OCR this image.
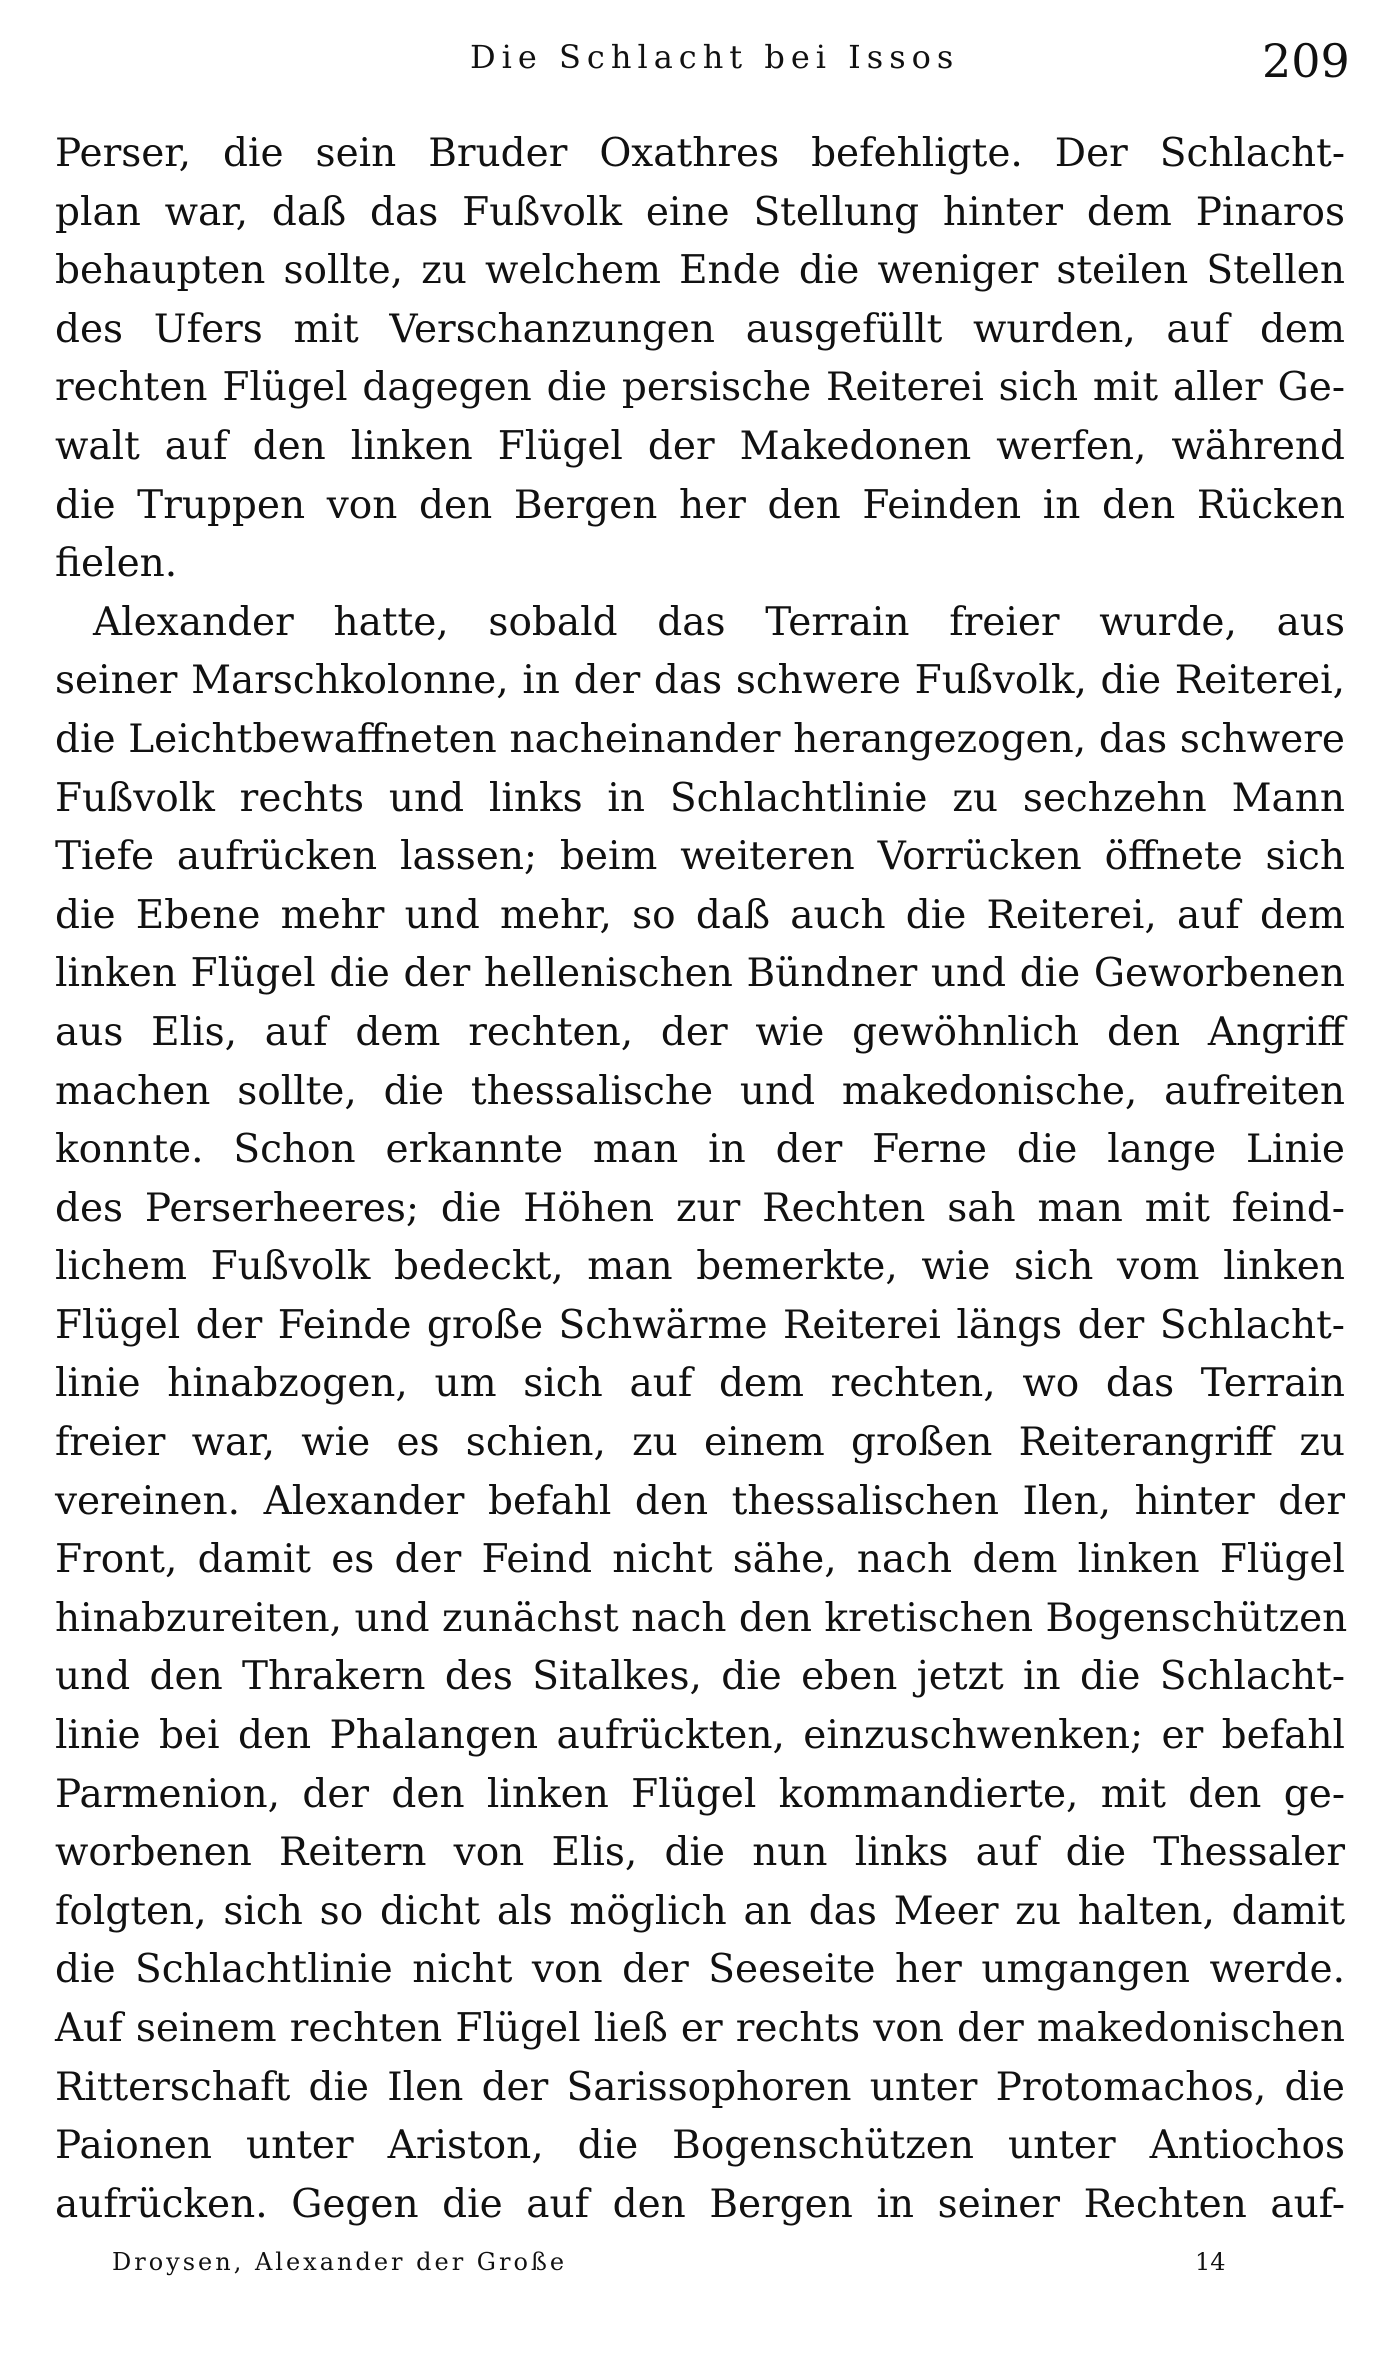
Die Schlacht bei Issos	209
Perser, die sein Bruder Oxathres befehligte. Der Schlacht-
plan war, daß das Fußvolk eine Stellung hinter dem Pinaros
behaupten sollte, zu welchem Ende die weniger steilen Stellen
des Ufers mit Verschanzungen ausgefüllt wurden, auf dem
rechten Flügel dagegen die persische Reiterei sich mit aller Ge-
walt auf den linken Flügel der Makedonen werfen, während
die Truppen von den Bergen her den Feinden in den Rücken
fielen.
Alexander hatte, sobald das Terrain freier wurde, aus
seiner Marschkolonne, in der das schwere Fußvolk, die Reiterei,
die Leichtbewaffneten nacheinander herangezogen, das schwere
Fußvolk rechts und links in Schlachtlinie zu sechzehn Mann
Tiefe aufrücken lassen; beim weiteren Vorrücken öffnete sich
die Ebene mehr und mehr, so daß auch die Reiterei, auf dem
linken Flügel die der hellenischen Bündner und die Geworbenen
aus Elis, auf dem rechten, der wie gewöhnlich den Angriff
machen sollte, die thessalische und makedonische, aufreiten
konnte. Schon erkannte man in der Ferne die lange Linie
des Perserheeres; die Höhen zur Rechten sah man mit feind-
lichem Fußvolk bedeckt, man bemerkte, wie sich vom linken
Flügel der Feinde große Schwärme Reiterei längs der Schlacht-
linie hinabzogen, um sich auf dem rechten, wo das Terrain
freier war, wie es schien, zu einem großen Reiterangriff zu
vereinen. Alexander befahl den thessalischen Ilen, hinter der
Front, damit es der Feind nicht sähe, nach dem linken Flügel
hinabzureiten, und zunächst nach den kretischen Bogenschützen
und den Thrakern des Sitalkes, die eben jetzt in die Schlacht-
linie bei den Phalangen aufrückten, einzuschwenken; er befahl
Parmenion, der den linken Flügel kommandierte, mit den ge-
worbenen Reitern von Elis, die nun links auf die Thessaler
folgten, sich so dicht als möglich an das Meer zu halten, damit
die Schlachtlinie nicht von der Seeseite her umgangen werde.
Auf seinem rechten Flügel ließ er rechts von der makedonischen
Ritterschaft die Ilen der Sarissophoren unter Protomachos, die
Paionen unter Ariston, die Bogenschützen unter Antiochos
aufrücken. Gegen die auf den Bergen in seiner Rechten auf-
Droysen, Alexander der Große	14
